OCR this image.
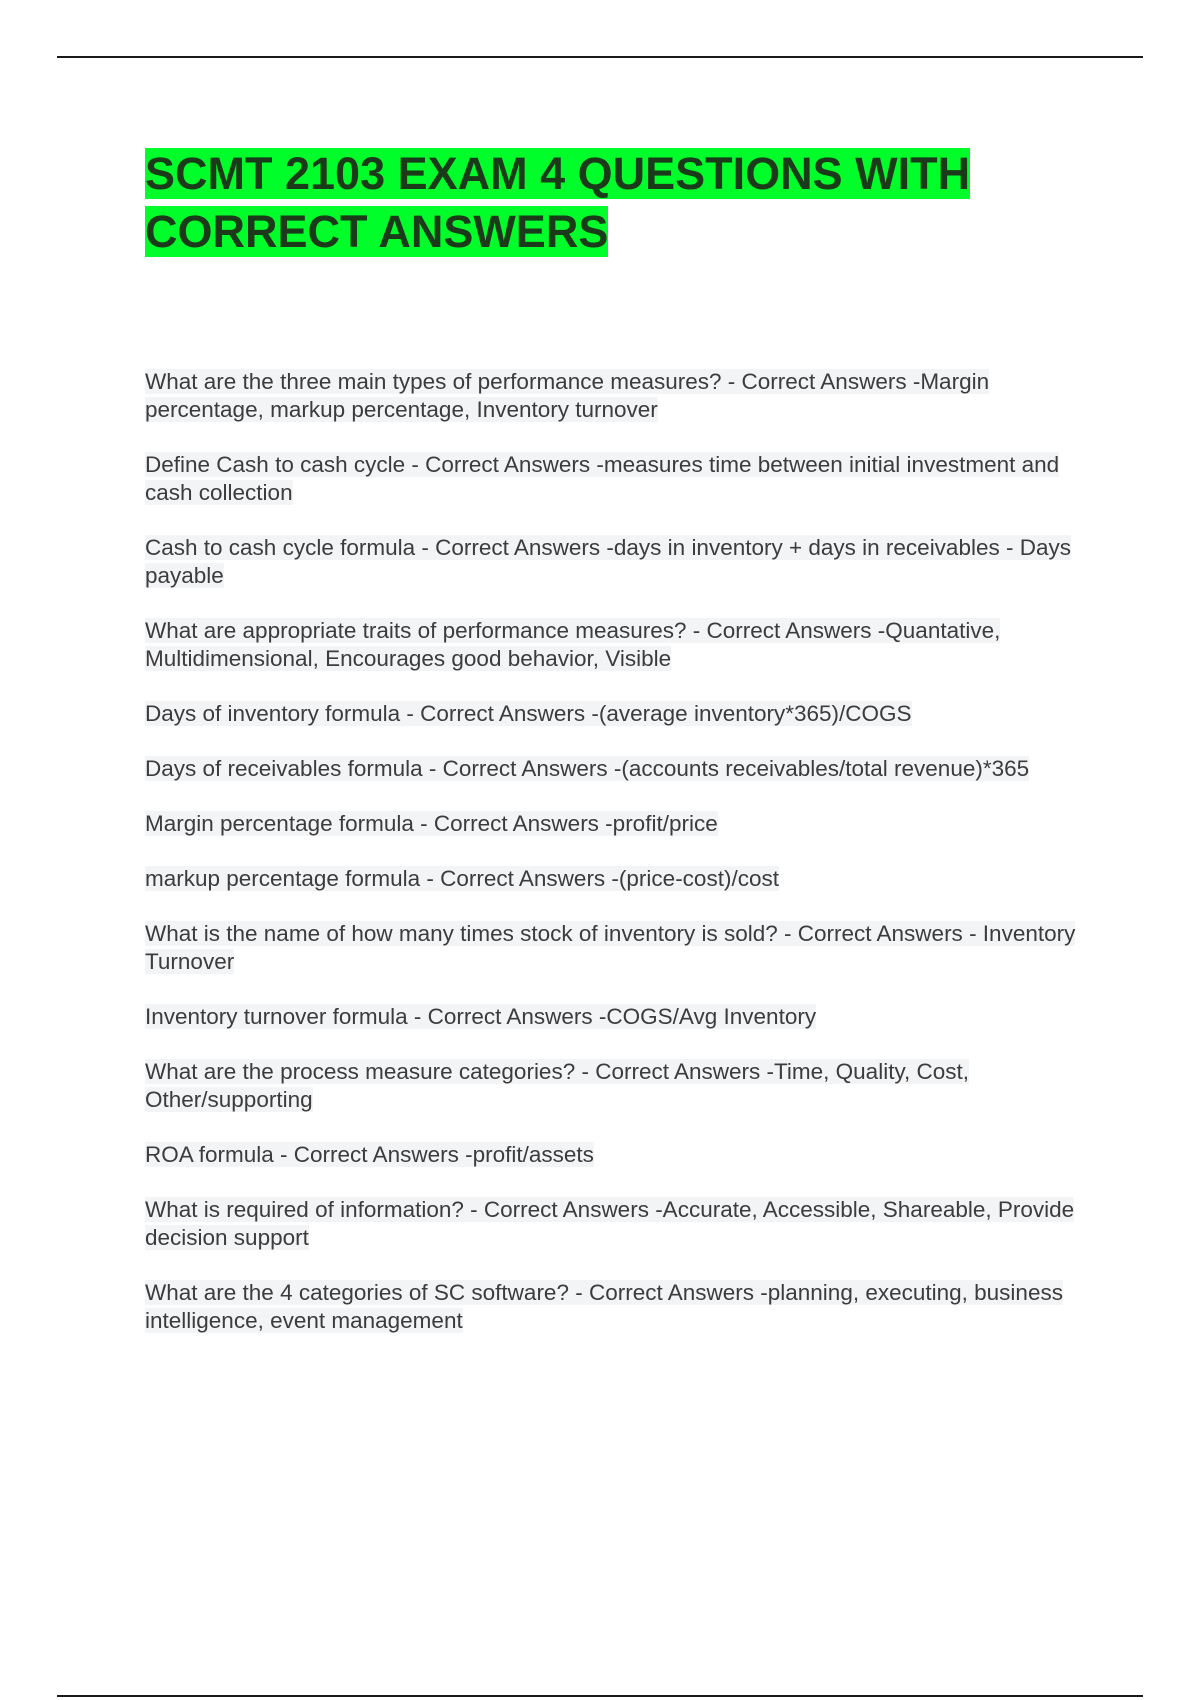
SCMT 2103 EXAM 4 QUESTIONS WITH CORRECT ANSWERS

What are the three main types of performance measures? - Correct Answers -Margin percentage, markup percentage, Inventory turnover

Define Cash to cash cycle - Correct Answers -measures time between initial investment and cash collection

Cash to cash cycle formula - Correct Answers -days in inventory + days in receivables - Days payable

What are appropriate traits of performance measures? - Correct Answers -Quantative, Multidimensional, Encourages good behavior, Visible

Days of inventory formula - Correct Answers -(average inventory*365)/COGS

Days of receivables formula - Correct Answers -(accounts receivables/total revenue)*365

Margin percentage formula - Correct Answers -profit/price

markup percentage formula - Correct Answers -(price-cost)/cost

What is the name of how many times stock of inventory is sold? - Correct Answers - Inventory Turnover

Inventory turnover formula - Correct Answers -COGS/Avg Inventory

What are the process measure categories? - Correct Answers -Time, Quality, Cost, Other/supporting

ROA formula - Correct Answers -profit/assets

What is required of information? - Correct Answers -Accurate, Accessible, Shareable, Provide decision support

What are the 4 categories of SC software? - Correct Answers -planning, executing, business intelligence, event management
